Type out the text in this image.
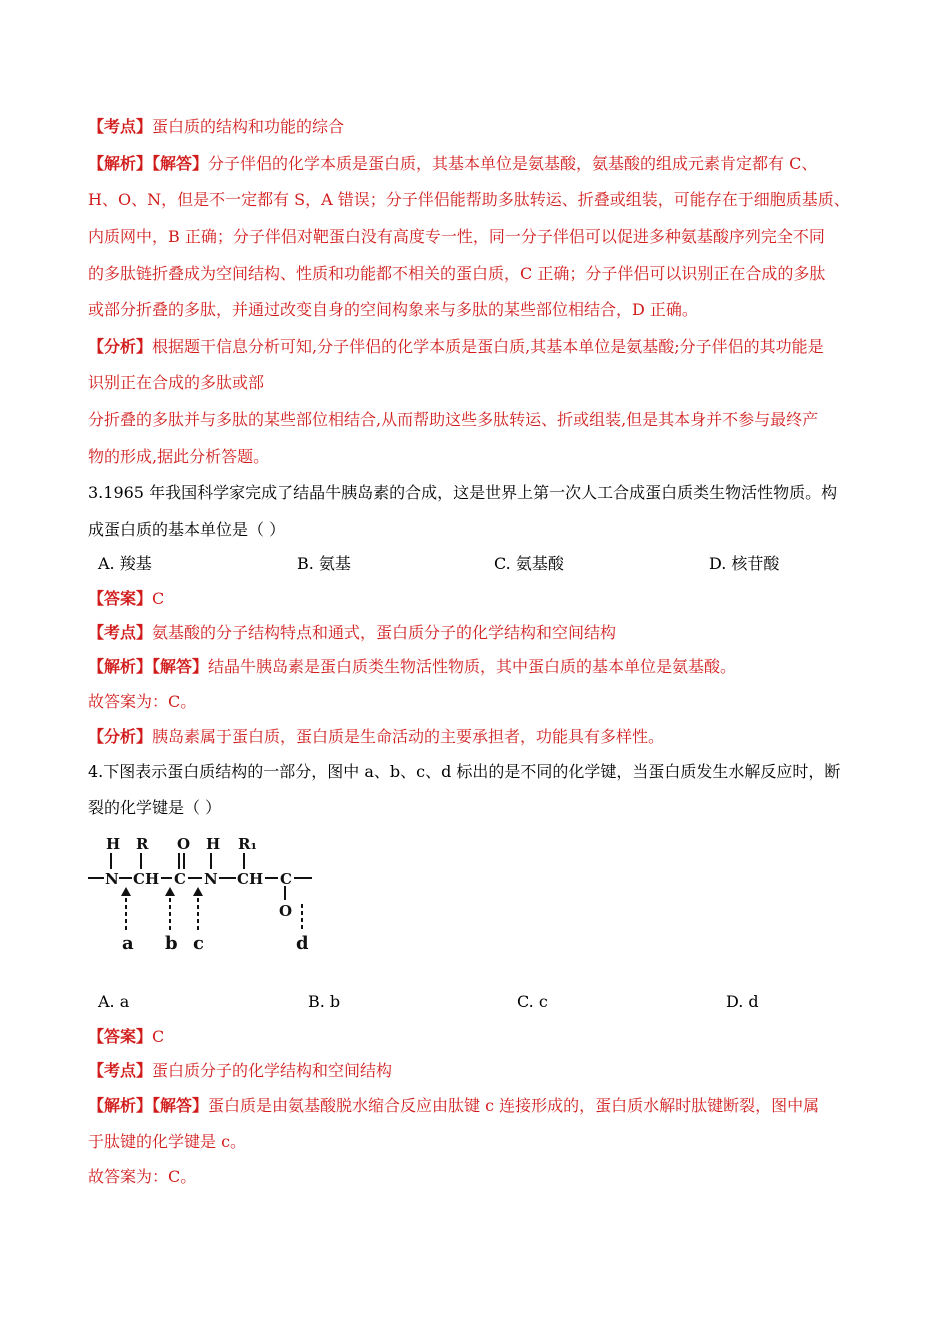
【考点】蛋白质的结构和功能的综合
【解析】【解答】分子伴侣的化学本质是蛋白质，其基本单位是氨基酸，氨基酸的组成元素肯定都有 C、
H、O、N，但是不一定都有 S，A 错误；分子伴侣能帮助多肽转运、折叠或组装，可能存在于细胞质基质、
内质网中，B 正确；分子伴侣对靶蛋白没有高度专一性，同一分子伴侣可以促进多种氨基酸序列完全不同
的多肽链折叠成为空间结构、性质和功能都不相关的蛋白质，C 正确；分子伴侣可以识别正在合成的多肽
或部分折叠的多肽，并通过改变自身的空间构象来与多肽的某些部位相结合，D 正确。
【分析】根据题干信息分析可知,分子伴侣的化学本质是蛋白质,其基本单位是氨基酸;分子伴侣的其功能是
识别正在合成的多肽或部
分折叠的多肽并与多肽的某些部位相结合,从而帮助这些多肽转运、折或组装,但是其本身并不参与最终产
物的形成,据此分析答题。
3.1965 年我国科学家完成了结晶牛胰岛素的合成，这是世界上第一次人工合成蛋白质类生物活性物质。构
成蛋白质的基本单位是（ ）
A. 羧基	B. 氨基	C. 氨基酸	D. 核苷酸
【答案】C
【考点】氨基酸的分子结构特点和通式，蛋白质分子的化学结构和空间结构
【解析】【解答】结晶牛胰岛素是蛋白质类生物活性物质，其中蛋白质的基本单位是氨基酸。
故答案为：C。
【分析】胰岛素属于蛋白质，蛋白质是生命活动的主要承担者，功能具有多样性。
4.下图表示蛋白质结构的一部分，图中 a、b、c、d 标出的是不同的化学键，当蛋白质发生水解反应时，断
裂的化学键是（ ）
H R O H R₁
N CH C N CH C
O
a b c	d
A. a	B. b	C. c	D. d
【答案】C
【考点】蛋白质分子的化学结构和空间结构
【解析】【解答】蛋白质是由氨基酸脱水缩合反应由肽键 c 连接形成的，蛋白质水解时肽键断裂，图中属
于肽键的化学键是 c。
故答案为：C。
